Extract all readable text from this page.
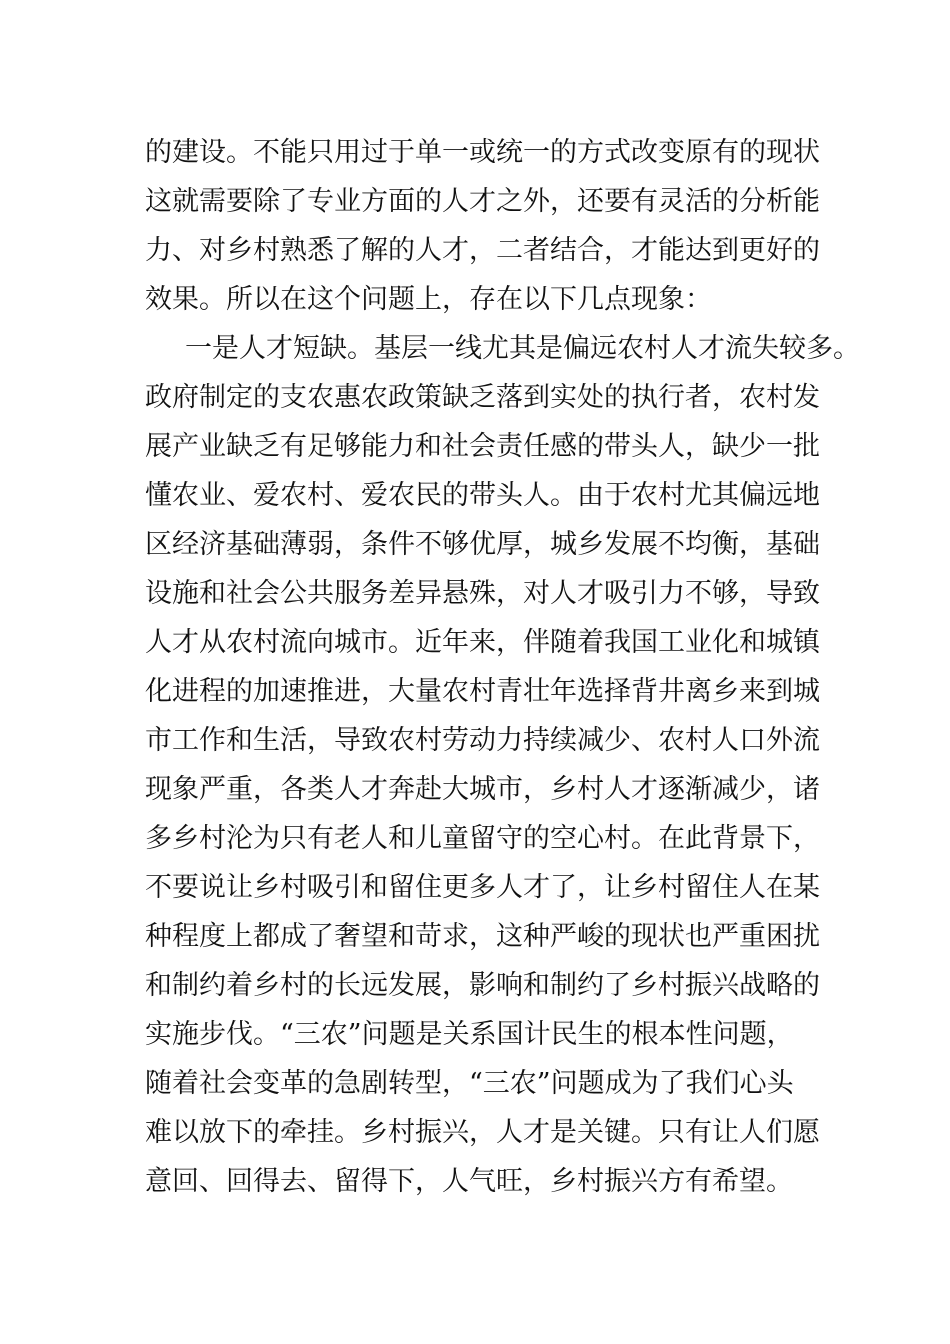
的建设。不能只用过于单一或统一的方式改变原有的现状
这就需要除了专业方面的人才之外，还要有灵活的分析能
力、对乡村熟悉了解的人才，二者结合，才能达到更好的
效果。所以在这个问题上，存在以下几点现象：
一是人才短缺。基层一线尤其是偏远农村人才流失较多。
政府制定的支农惠农政策缺乏落到实处的执行者，农村发
展产业缺乏有足够能力和社会责任感的带头人，缺少一批
懂农业、爱农村、爱农民的带头人。由于农村尤其偏远地
区经济基础薄弱，条件不够优厚，城乡发展不均衡，基础
设施和社会公共服务差异悬殊，对人才吸引力不够，导致
人才从农村流向城市。近年来，伴随着我国工业化和城镇
化进程的加速推进，大量农村青壮年选择背井离乡来到城
市工作和生活，导致农村劳动力持续减少、农村人口外流
现象严重，各类人才奔赴大城市，乡村人才逐渐减少，诸
多乡村沦为只有老人和儿童留守的空心村。在此背景下，
不要说让乡村吸引和留住更多人才了，让乡村留住人在某
种程度上都成了奢望和苛求，这种严峻的现状也严重困扰
和制约着乡村的长远发展，影响和制约了乡村振兴战略的
实施步伐。“三农”问题是关系国计民生的根本性问题，
随着社会变革的急剧转型，“三农”问题成为了我们心头
难以放下的牵挂。乡村振兴，人才是关键。只有让人们愿
意回、回得去、留得下，人气旺，乡村振兴方有希望。
